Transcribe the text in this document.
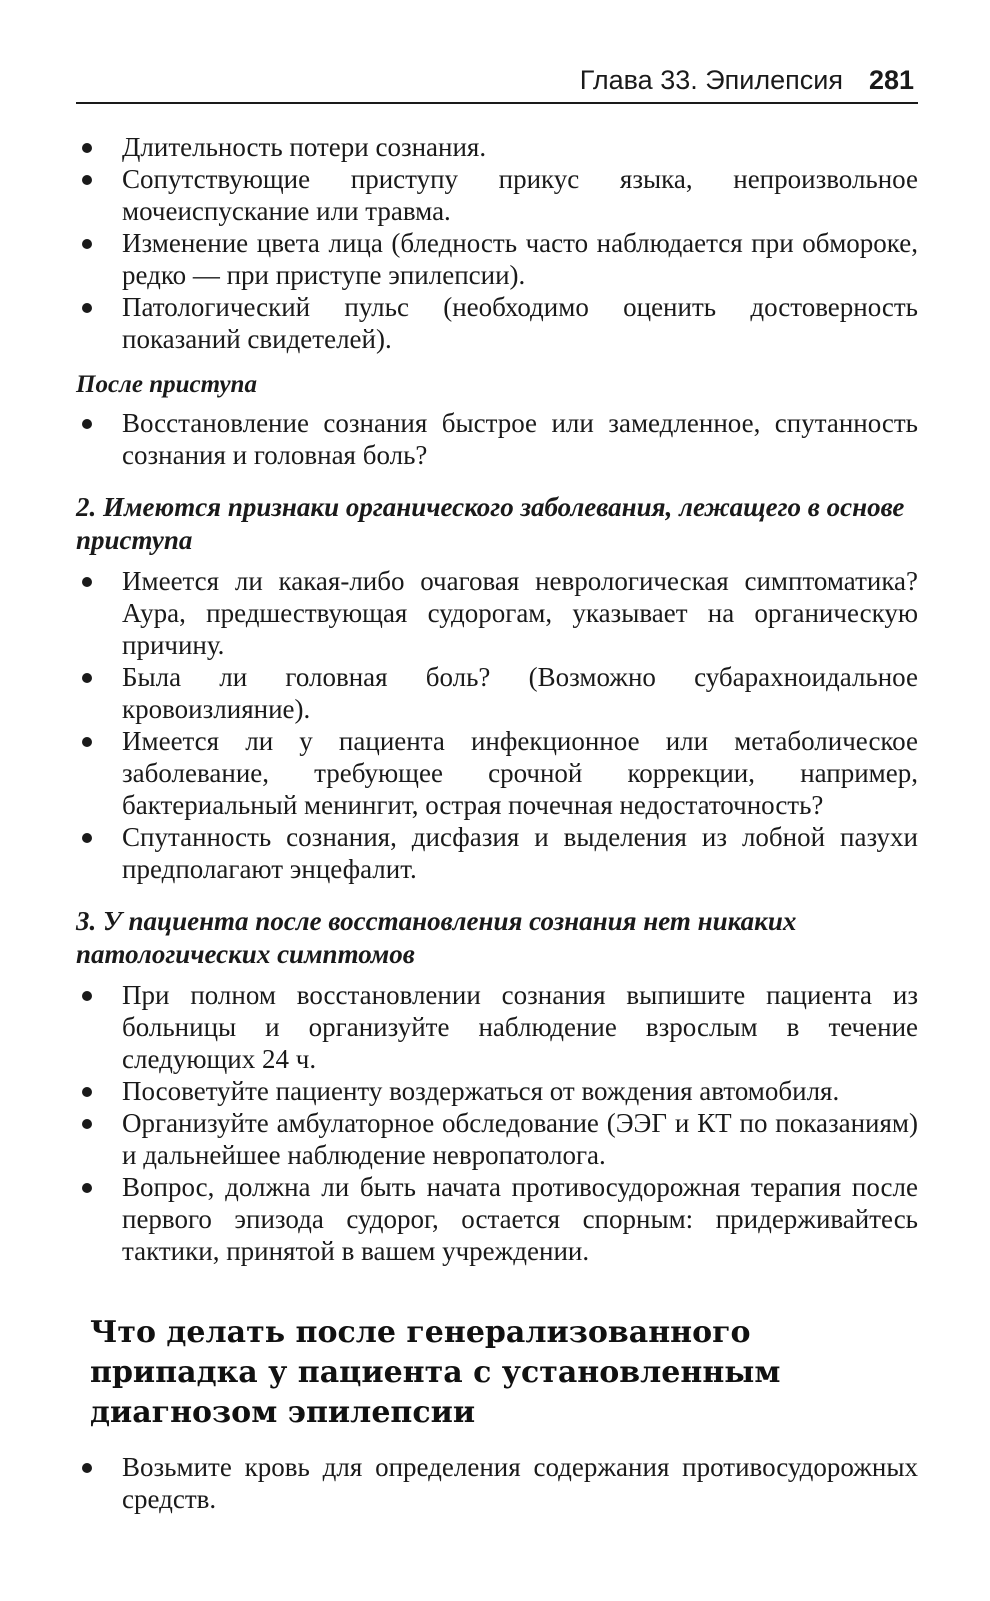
Глава 33. Эпилепсия 281
Длительность потери сознания.
Сопутствующие приступу прикус языка, непроизвольное мочеиспускание или травма.
Изменение цвета лица (бледность часто наблюдается при обмороке, редко — при приступе эпилепсии).
Патологический пульс (необходимо оценить достоверность показаний свидетелей).
После приступа
Восстановление сознания быстрое или замедленное, спутанность сознания и головная боль?
2. Имеются признаки органического заболевания, лежащего в основе приступа
Имеется ли какая-либо очаговая неврологическая симптоматика? Аура, предшествующая судорогам, указывает на органическую причину.
Была ли головная боль? (Возможно субарахноидальное кровоизлияние).
Имеется ли у пациента инфекционное или метаболическое заболевание, требующее срочной коррекции, например, бактериальный менингит, острая почечная недостаточность?
Спутанность сознания, дисфазия и выделения из лобной пазухи предполагают энцефалит.
3. У пациента после восстановления сознания нет никаких патологических симптомов
При полном восстановлении сознания выпишите пациента из больницы и организуйте наблюдение взрослым в течение следующих 24 ч.
Посоветуйте пациенту воздержаться от вождения автомобиля.
Организуйте амбулаторное обследование (ЭЭГ и КТ по показаниям) и дальнейшее наблюдение невропатолога.
Вопрос, должна ли быть начата противосудорожная терапия после первого эпизода судорог, остается спорным: придерживайтесь тактики, принятой в вашем учреждении.
Что делать после генерализованного припадка у пациента с установленным диагнозом эпилепсии
Возьмите кровь для определения содержания противосудорожных средств.
